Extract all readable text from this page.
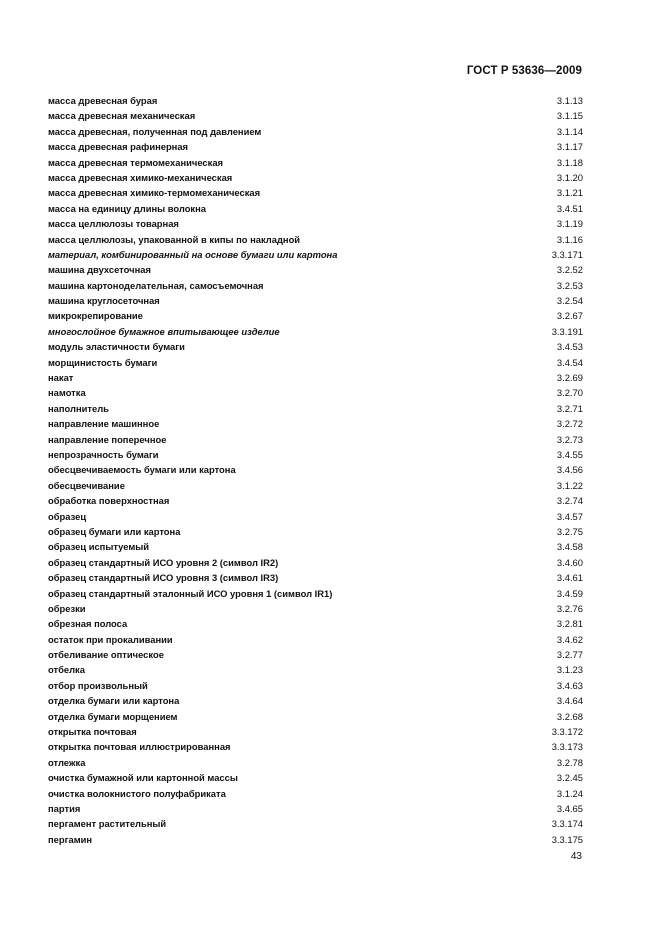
ГОСТ Р 53636—2009
масса древесная бурая	3.1.13
масса древесная механическая	3.1.15
масса древесная, полученная под давлением	3.1.14
масса древесная рафинерная	3.1.17
масса древесная термомеханическая	3.1.18
масса древесная химико-механическая	3.1.20
масса древесная химико-термомеханическая	3.1.21
масса на единицу длины волокна	3.4.51
масса целлюлозы товарная	3.1.19
масса целлюлозы, упакованной в кипы по накладной	3.1.16
материал, комбинированный на основе бумаги или картона	3.3.171
машина двухсеточная	3.2.52
машина картоноделательная, самосъемочная	3.2.53
машина круглосеточная	3.2.54
микрокрепирование	3.2.67
многослойное бумажное впитывающее изделие	3.3.191
модуль эластичности бумаги	3.4.53
морщинистость бумаги	3.4.54
накат	3.2.69
намотка	3.2.70
наполнитель	3.2.71
направление машинное	3.2.72
направление поперечное	3.2.73
непрозрачность бумаги	3.4.55
обесцвечиваемость бумаги или картона	3.4.56
обесцвечивание	3.1.22
обработка поверхностная	3.2.74
образец	3.4.57
образец бумаги или картона	3.2.75
образец испытуемый	3.4.58
образец стандартный ИСО уровня 2 (символ IR2)	3.4.60
образец стандартный ИСО уровня 3 (символ IR3)	3.4.61
образец стандартный эталонный ИСО уровня 1 (символ IR1)	3.4.59
обрезки	3.2.76
обрезная полоса	3.2.81
остаток при прокаливании	3.4.62
отбеливание оптическое	3.2.77
отбелка	3.1.23
отбор произвольный	3.4.63
отделка бумаги или картона	3.4.64
отделка бумаги морщением	3.2.68
открытка почтовая	3.3.172
открытка почтовая иллюстрированная	3.3.173
отлежка	3.2.78
очистка бумажной или картонной массы	3.2.45
очистка волокнистого полуфабриката	3.1.24
партия	3.4.65
пергамент растительный	3.3.174
пергамин	3.3.175
43
